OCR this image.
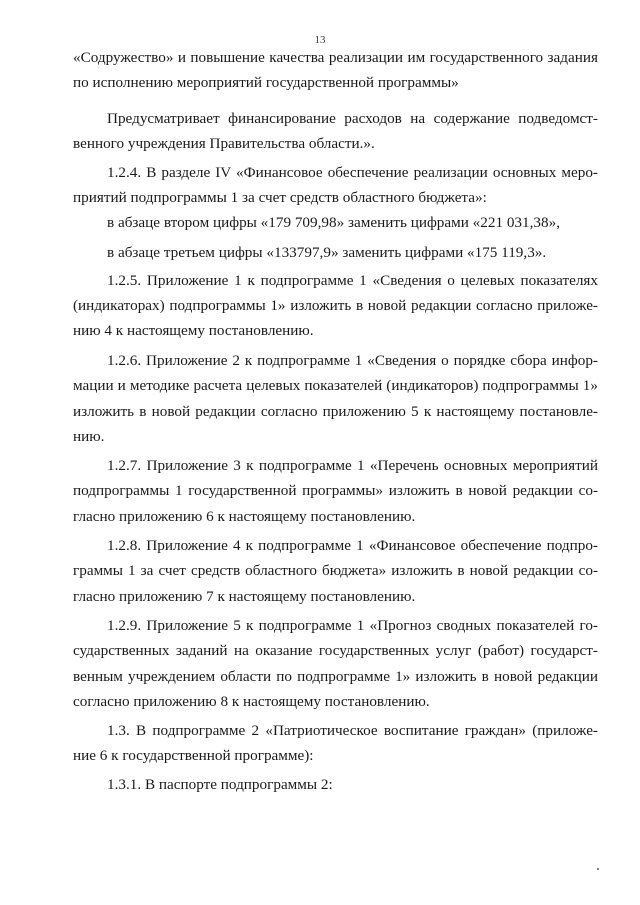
13
«Содружество» и повышение качества реализации им государственного задания
по исполнению мероприятий государственной программы»
Предусматривает финансирование расходов на содержание подведомст-
венного учреждения Правительства области.».
1.2.4. В разделе IV «Финансовое обеспечение реализации основных меро-
приятий подпрограммы 1 за счет средств областного бюджета»:
в абзаце втором цифры «179 709,98» заменить цифрами «221 031,38»,
в абзаце третьем цифры «133797,9» заменить цифрами «175 119,3».
1.2.5. Приложение 1 к подпрограмме 1 «Сведения о целевых показателях
(индикаторах) подпрограммы 1» изложить в новой редакции согласно приложе-
нию 4 к настоящему постановлению.
1.2.6. Приложение 2 к подпрограмме 1 «Сведения о порядке сбора инфор-
мации и методике расчета целевых показателей (индикаторов) подпрограммы 1»
изложить в новой редакции согласно приложению 5 к настоящему постановле-
нию.
1.2.7. Приложение 3 к подпрограмме 1 «Перечень основных мероприятий
подпрограммы 1 государственной программы» изложить в новой редакции со-
гласно приложению 6 к настоящему постановлению.
1.2.8. Приложение 4 к подпрограмме 1 «Финансовое обеспечение подпро-
граммы 1 за счет средств областного бюджета» изложить в новой редакции со-
гласно приложению 7 к настоящему постановлению.
1.2.9. Приложение 5 к подпрограмме 1 «Прогноз сводных показателей го-
сударственных заданий на оказание государственных услуг (работ) государст-
венным учреждением области по подпрограмме 1» изложить в новой редакции
согласно приложению 8 к настоящему постановлению.
1.3. В подпрограмме 2 «Патриотическое воспитание граждан» (приложе-
ние 6 к государственной программе):
1.3.1. В паспорте подпрограммы 2:
